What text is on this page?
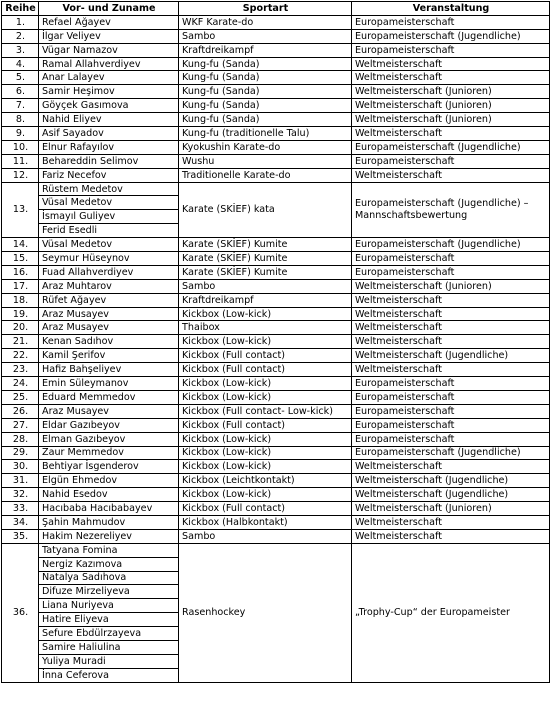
Reihe	Vor- und Zuname	Sportart	Veranstaltung
1.	Refael Ağayev	WKF Karate-do	Europameisterschaft
2.	İlgar Veliyev	Sambo	Europameisterschaft (Jugendliche)
3.	Vügar Namazov	Kraftdreikampf	Europameisterschaft
4.	Ramal Allahverdiyev	Kung-fu (Sanda)	Weltmeisterschaft
5.	Anar Lalayev	Kung-fu (Sanda)	Weltmeisterschaft
6.	Samir Heşimov	Kung-fu (Sanda)	Weltmeisterschaft (Junioren)
7.	Göyçek Gasımova	Kung-fu (Sanda)	Weltmeisterschaft (Junioren)
8.	Nahid Eliyev	Kung-fu (Sanda)	Weltmeisterschaft (Junioren)
9.	Asif Sayadov	Kung-fu (traditionelle Talu)	Weltmeisterschaft
10.	Elnur Rafayılov	Kyokushin Karate-do	Europameisterschaft (Jugendliche)
11.	Behareddin Selimov	Wushu	Europameisterschaft
12.	Fariz Necefov	Traditionelle Karate-do	Weltmeisterschaft
13.	Rüstem Medetov	Karate (SKİEF) kata	Europameisterschaft (Jugendliche) – Mannschaftsbewertung
	Vüsal Medetov		
	İsmayıl Guliyev		
	Ferid Esedli		
14.	Vüsal Medetov	Karate (SKİEF) Kumite	Europameisterschaft (Jugendliche)
15.	Seymur Hüseynov	Karate (SKİEF) Kumite	Europameisterschaft
16.	Fuad Allahverdiyev	Karate (SKİEF) Kumite	Europameisterschaft
17.	Araz Muhtarov	Sambo	Weltmeisterschaft (Junioren)
18.	Rüfet Ağayev	Kraftdreikampf	Weltmeisterschaft
19.	Araz Musayev	Kickbox (Low-kick)	Weltmeisterschaft
20.	Araz Musayev	Thaibox	Weltmeisterschaft
21.	Kenan Sadıhov	Kickbox (Low-kick)	Weltmeisterschaft
22.	Kamil Şerifov	Kickbox (Full contact)	Weltmeisterschaft (Jugendliche)
23.	Hafiz Bahşeliyev	Kickbox (Full contact)	Weltmeisterschaft
24.	Emin Süleymanov	Kickbox (Low-kick)	Europameisterschaft
25.	Eduard Memmedov	Kickbox (Low-kick)	Europameisterschaft
26.	Araz Musayev	Kickbox (Full contact- Low-kick)	Europameisterschaft
27.	Eldar Gazıbeyov	Kickbox (Full contact)	Europameisterschaft
28.	Elman Gazıbeyov	Kickbox (Low-kick)	Europameisterschaft
29.	Zaur Memmedov	Kickbox (Low-kick)	Europameisterschaft (Jugendliche)
30.	Behtiyar İsgenderov	Kickbox (Low-kick)	Weltmeisterschaft
31.	Elgün Ehmedov	Kickbox (Leichtkontakt)	Weltmeisterschaft (Jugendliche)
32.	Nahid Esedov	Kickbox (Low-kick)	Weltmeisterschaft (Jugendliche)
33.	Hacıbaba Hacıbabayev	Kickbox (Full contact)	Weltmeisterschaft (Junioren)
34.	Şahin Mahmudov	Kickbox (Halbkontakt)	Weltmeisterschaft
35.	Hakim Nezereliyev	Sambo	Weltmeisterschaft
36.	Tatyana Fomina	Rasenhockey	„Trophy-Cup“ der Europameister
	Nergiz Kazımova		
	Natalya Sadıhova		
	Difuze Mirzeliyeva		
	Liana Nuriyeva		
	Hatire Eliyeva		
	Sefure Ebdülrzayeva		
	Samire Haliulina		
	Yuliya Muradi		
	İnna Ceferova		
